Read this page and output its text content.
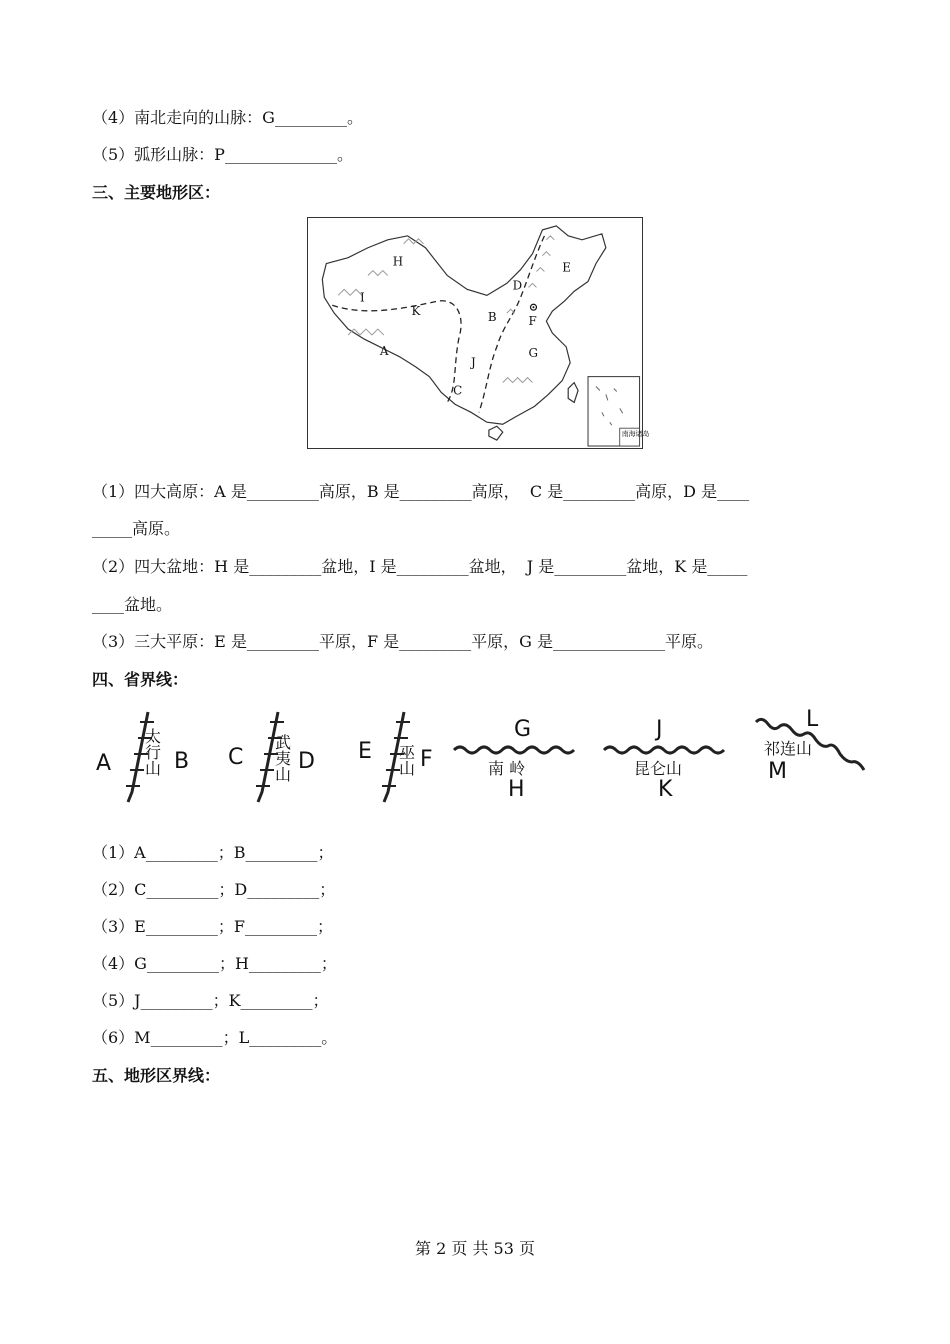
（4）南北走向的山脉：G_________。
（5）弧形山脉：P______________。
三、主要地形区：
H
I
K
A
B
D
E
F
J
G
C
南海诸岛
（1）四大高原：A 是_________高原，B 是_________高原，  C 是_________高原，D 是____
_____高原。
（2）四大盆地：H 是_________盆地，I 是_________盆地，  J 是_________盆地，K 是_____
____盆地。
（3）三大平原：E 是_________平原，F 是_________平原，G 是______________平原。
四、省界线：
A	B C D E F
G
H
J
K
L
M
太行山	武夷山	巫山	南 岭	昆仑山
祁连山
（1）A_________；B_________；
（2）C_________；D_________；
（3）E_________；F_________；
（4）G_________；H_________；
（5）J_________；K_________；
（6）M_________；L_________。
五、地形区界线：
第 2 页 共 53 页
